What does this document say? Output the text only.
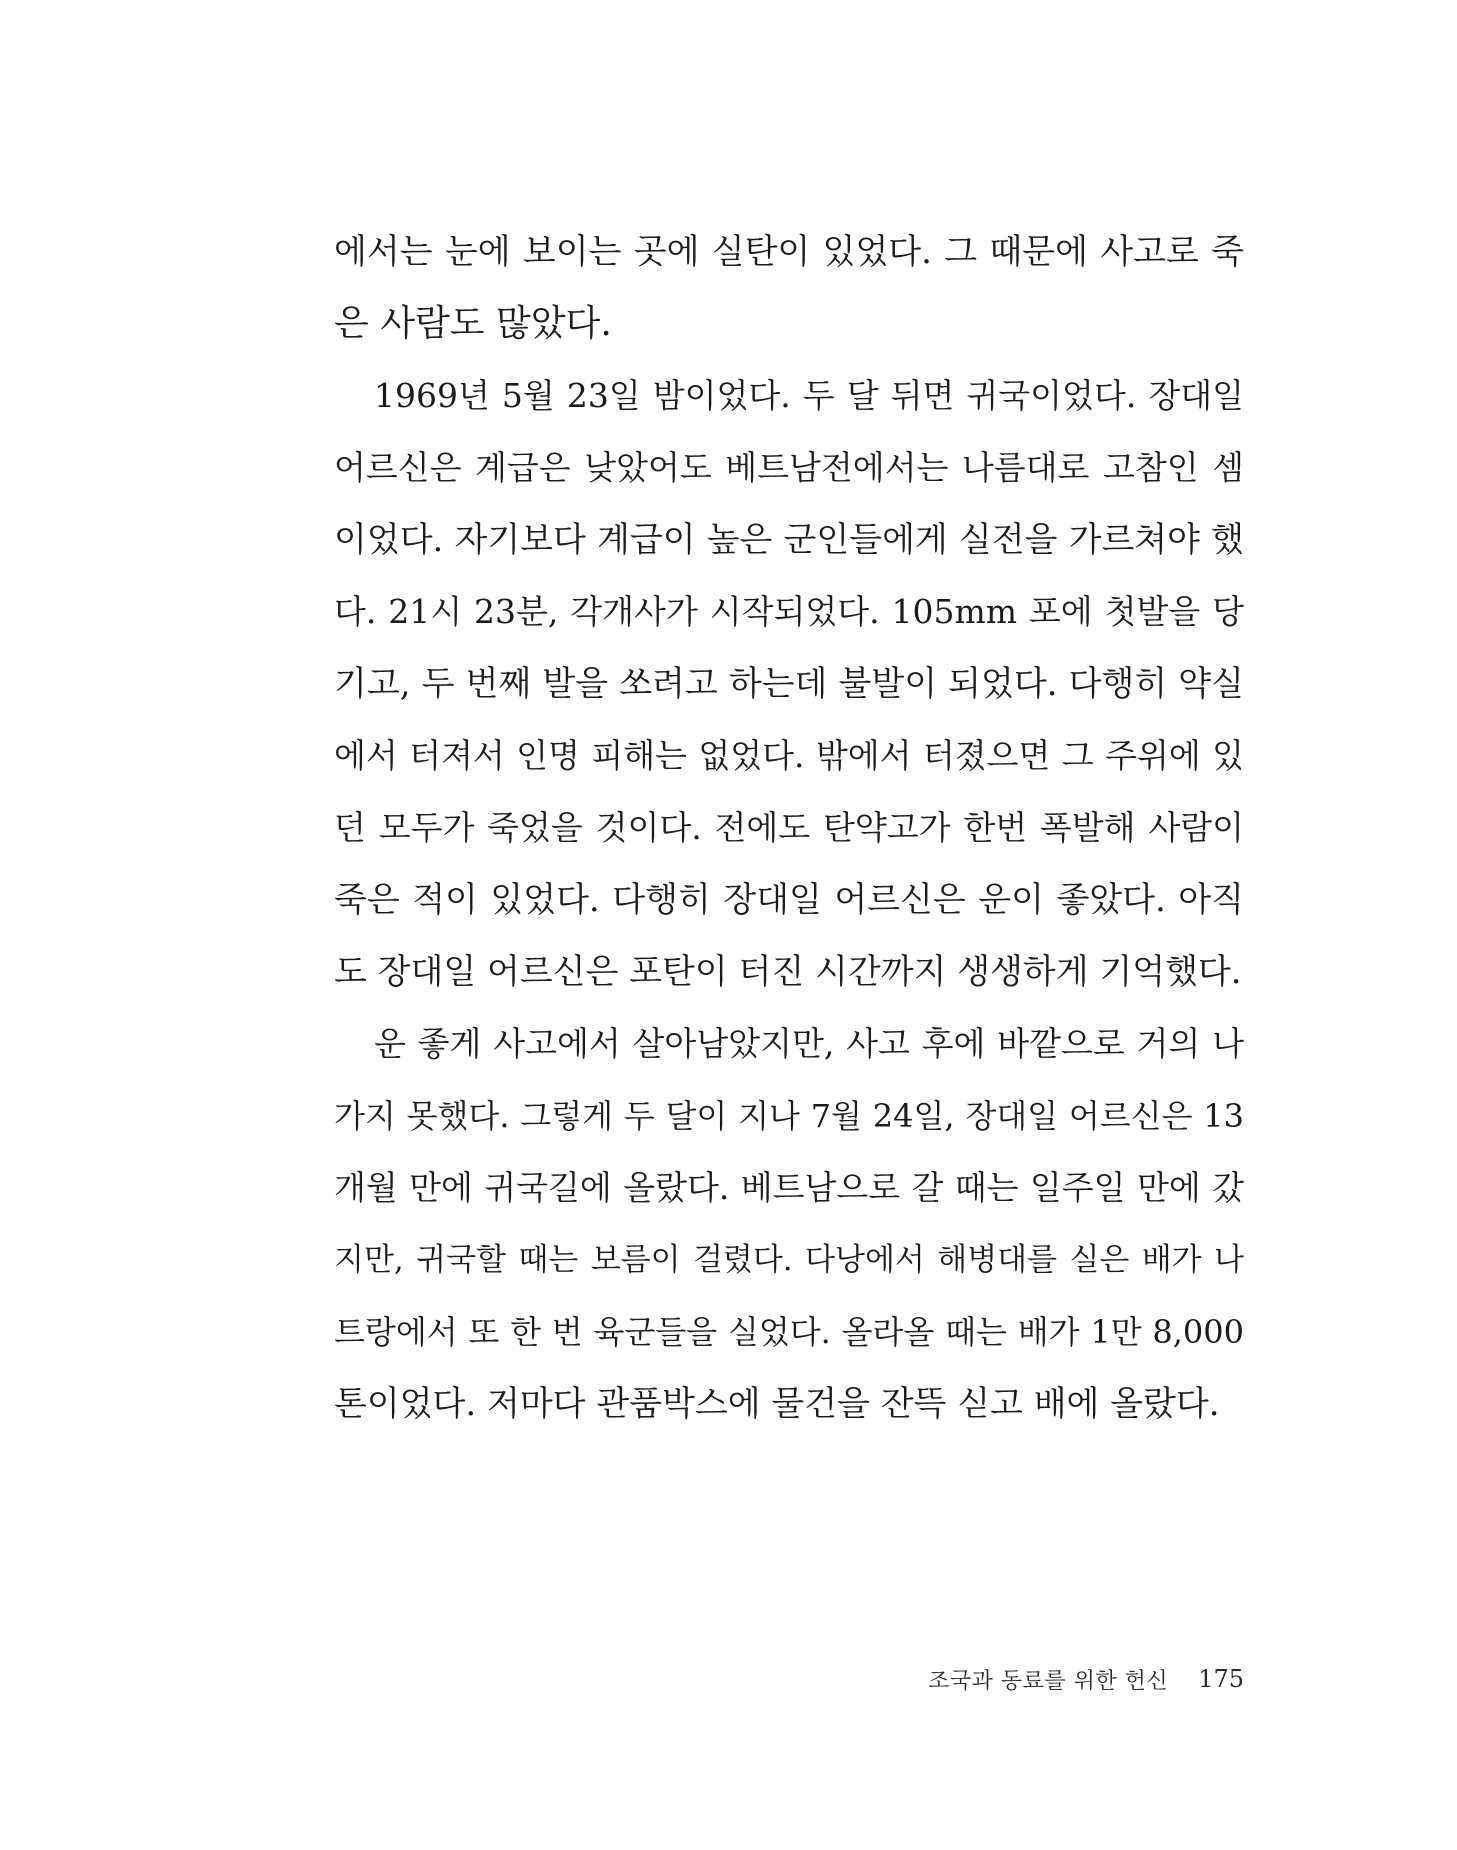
에서는 눈에 보이는 곳에 실탄이 있었다. 그 때문에 사고로 죽
은 사람도 많았다.
1969년 5월 23일 밤이었다. 두 달 뒤면 귀국이었다. 장대일
어르신은 계급은 낮았어도 베트남전에서는 나름대로 고참인 셈
이었다. 자기보다 계급이 높은 군인들에게 실전을 가르쳐야 했
다. 21시 23분, 각개사가 시작되었다. 105mm 포에 첫발을 당
기고, 두 번째 발을 쏘려고 하는데 불발이 되었다. 다행히 약실
에서 터져서 인명 피해는 없었다. 밖에서 터졌으면 그 주위에 있
던 모두가 죽었을 것이다. 전에도 탄약고가 한번 폭발해 사람이
죽은 적이 있었다. 다행히 장대일 어르신은 운이 좋았다. 아직
도 장대일 어르신은 포탄이 터진 시간까지 생생하게 기억했다.
운 좋게 사고에서 살아남았지만, 사고 후에 바깥으로 거의 나
가지 못했다. 그렇게 두 달이 지나 7월 24일, 장대일 어르신은 13
개월 만에 귀국길에 올랐다. 베트남으로 갈 때는 일주일 만에 갔
지만, 귀국할 때는 보름이 걸렸다. 다낭에서 해병대를 실은 배가 나
트랑에서 또 한 번 육군들을 실었다. 올라올 때는 배가 1만 8,000
톤이었다. 저마다 관품박스에 물건을 잔뜩 싣고 배에 올랐다.
조국과 동료를 위한 헌신 175
